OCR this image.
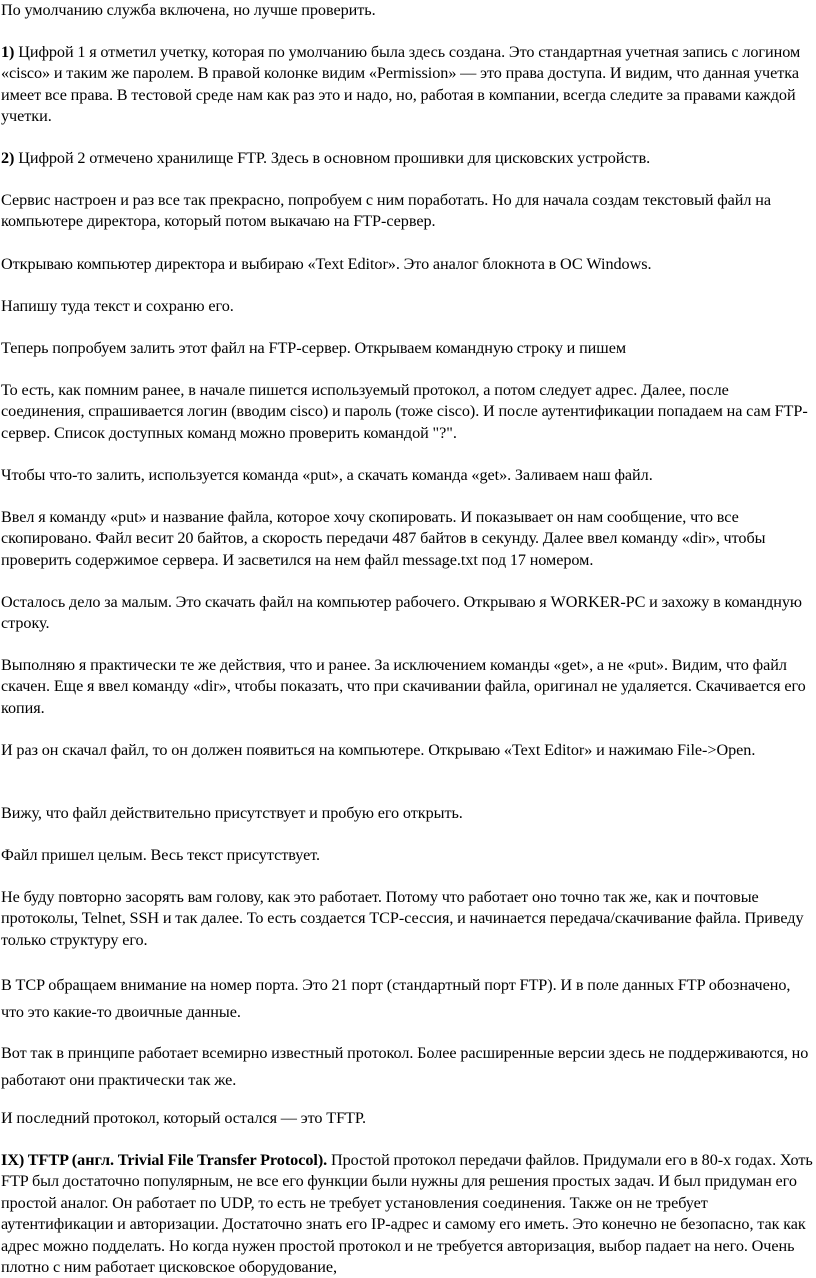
По умолчанию служба включена, но лучше проверить.

1) Цифрой 1 я отметил учетку, которая по умолчанию была здесь создана. Это стандартная учетная запись с логином «cisco» и таким же паролем. В правой колонке видим «Permission» — это права доступа. И видим, что данная учетка имеет все права. В тестовой среде нам как раз это и надо, но, работая в компании, всегда следите за правами каждой учетки.

2) Цифрой 2 отмечено хранилище FTP. Здесь в основном прошивки для цисковских устройств.

Сервис настроен и раз все так прекрасно, попробуем с ним поработать. Но для начала создам текстовый файл на компьютере директора, который потом выкачаю на FTP-сервер.

Открываю компьютер директора и выбираю «Text Editor». Это аналог блокнота в ОС Windows.

Напишу туда текст и сохраню его.

Теперь попробуем залить этот файл на FTP-сервер. Открываем командную строку и пишем

То есть, как помним ранее, в начале пишется используемый протокол, а потом следует адрес. Далее, после соединения, спрашивается логин (вводим cisco) и пароль (тоже cisco). И после аутентификации попадаем на сам FTP-сервер. Список доступных команд можно проверить командой "?".

Чтобы что-то залить, используется команда «put», а скачать команда «get». Заливаем наш файл.

Ввел я команду «put» и название файла, которое хочу скопировать. И показывает он нам сообщение, что все скопировано. Файл весит 20 байтов, а скорость передачи 487 байтов в секунду. Далее ввел команду «dir», чтобы проверить содержимое сервера. И засветился на нем файл message.txt под 17 номером.

Осталось дело за малым. Это скачать файл на компьютер рабочего. Открываю я WORKER-PC и захожу в командную строку.

Выполняю я практически те же действия, что и ранее. За исключением команды «get», а не «put». Видим, что файл скачен. Еще я ввел команду «dir», чтобы показать, что при скачивании файла, оригинал не удаляется. Скачивается его копия.

И раз он скачал файл, то он должен появиться на компьютере. Открываю «Text Editor» и нажимаю File->Open.

Вижу, что файл действительно присутствует и пробую его открыть.

Файл пришел целым. Весь текст присутствует.

Не буду повторно засорять вам голову, как это работает. Потому что работает оно точно так же, как и почтовые протоколы, Telnet, SSH и так далее. То есть создается TCP-сессия, и начинается передача/скачивание файла. Приведу только структуру его.

В TCP обращаем внимание на номер порта. Это 21 порт (стандартный порт FTP). И в поле данных FTP обозначено, что это какие-то двоичные данные.

Вот так в принципе работает всемирно известный протокол. Более расширенные версии здесь не поддерживаются, но работают они практически так же.

И последний протокол, который остался — это TFTP.

IX) TFTP (англ. Trivial File Transfer Protocol). Простой протокол передачи файлов. Придумали его в 80-х годах. Хоть FTP был достаточно популярным, не все его функции были нужны для решения простых задач. И был придуман его простой аналог. Он работает по UDP, то есть не требует установления соединения. Также он не требует аутентификации и авторизации. Достаточно знать его IP-адрес и самому его иметь. Это конечно не безопасно, так как адрес можно подделать. Но когда нужен простой протокол и не требуется авторизация, выбор падает на него. Очень плотно с ним работает цисковское оборудование,
